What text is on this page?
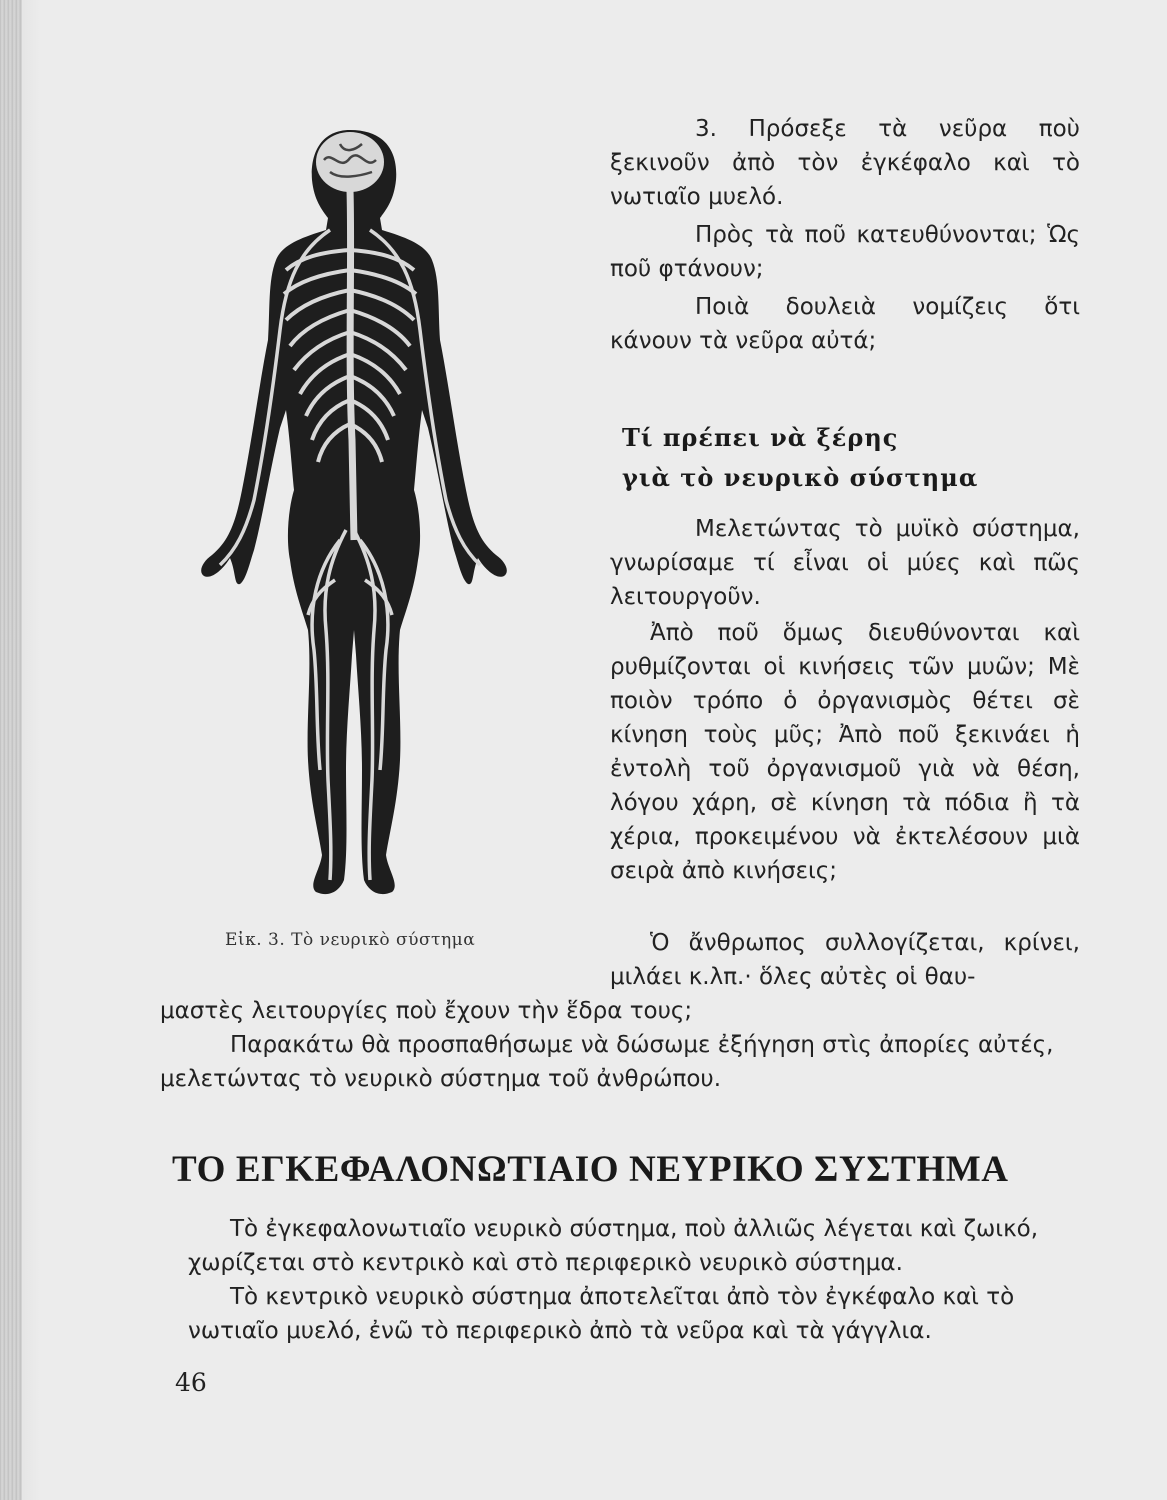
Εἰκ. 3. Τὸ νευρικὸ σύστημα

3. Πρόσεξε τὰ νεῦρα ποὺ ξεκινοῦν ἀπὸ τὸν ἐγκέφαλο καὶ τὸ νωτιαῖο μυελό.

Πρὸς τὰ ποῦ κατευθύνονται; Ὡς ποῦ φτάνουν;

Ποιὰ δουλειὰ νομίζεις ὅτι κάνουν τὰ νεῦρα αὐτά;

Τί πρέπει νὰ ξέρης
γιὰ τὸ νευρικὸ σύστημα

Μελετώντας τὸ μυϊκὸ σύστημα, γνωρίσαμε τί εἶναι οἱ μύες καὶ πῶς λειτουργοῦν.

Ἀπὸ ποῦ ὅμως διευθύνονται καὶ ρυθμίζονται οἱ κινήσεις τῶν μυῶν; Μὲ ποιὸν τρόπο ὁ ὀργανισμὸς θέτει σὲ κίνηση τοὺς μῦς; Ἀπὸ ποῦ ξεκινάει ἡ ἐντολὴ τοῦ ὀργανισμοῦ γιὰ νὰ θέση, λόγου χάρη, σὲ κίνηση τὰ πόδια ἢ τὰ χέρια, προκειμένου νὰ ἐκτελέσουν μιὰ σειρὰ ἀπὸ κινήσεις;

Ὁ ἄνθρωπος συλλογίζεται, κρίνει, μιλάει κ.λπ.· ὅλες αὐτὲς οἱ θαυ-

μαστὲς λειτουργίες ποὺ ἔχουν τὴν ἕδρα τους;

Παρακάτω θὰ προσπαθήσωμε νὰ δώσωμε ἐξήγηση στὶς ἀπορίες αὐτές, μελετώντας τὸ νευρικὸ σύστημα τοῦ ἀνθρώπου.

ΤΟ ΕΓΚΕΦΑΛΟΝΩΤΙΑΙΟ ΝΕΥΡΙΚΟ ΣΥΣΤΗΜΑ

Τὸ ἐγκεφαλονωτιαῖο νευρικὸ σύστημα, ποὺ ἀλλιῶς λέγεται καὶ ζωικό, χωρίζεται στὸ κεντρικὸ καὶ στὸ περιφερικὸ νευρικὸ σύστημα.

Τὸ κεντρικὸ νευρικὸ σύστημα ἀποτελεῖται ἀπὸ τὸν ἐγκέφαλο καὶ τὸ νωτιαῖο μυελό, ἐνῶ τὸ περιφερικὸ ἀπὸ τὰ νεῦρα καὶ τὰ γάγγλια.

46
